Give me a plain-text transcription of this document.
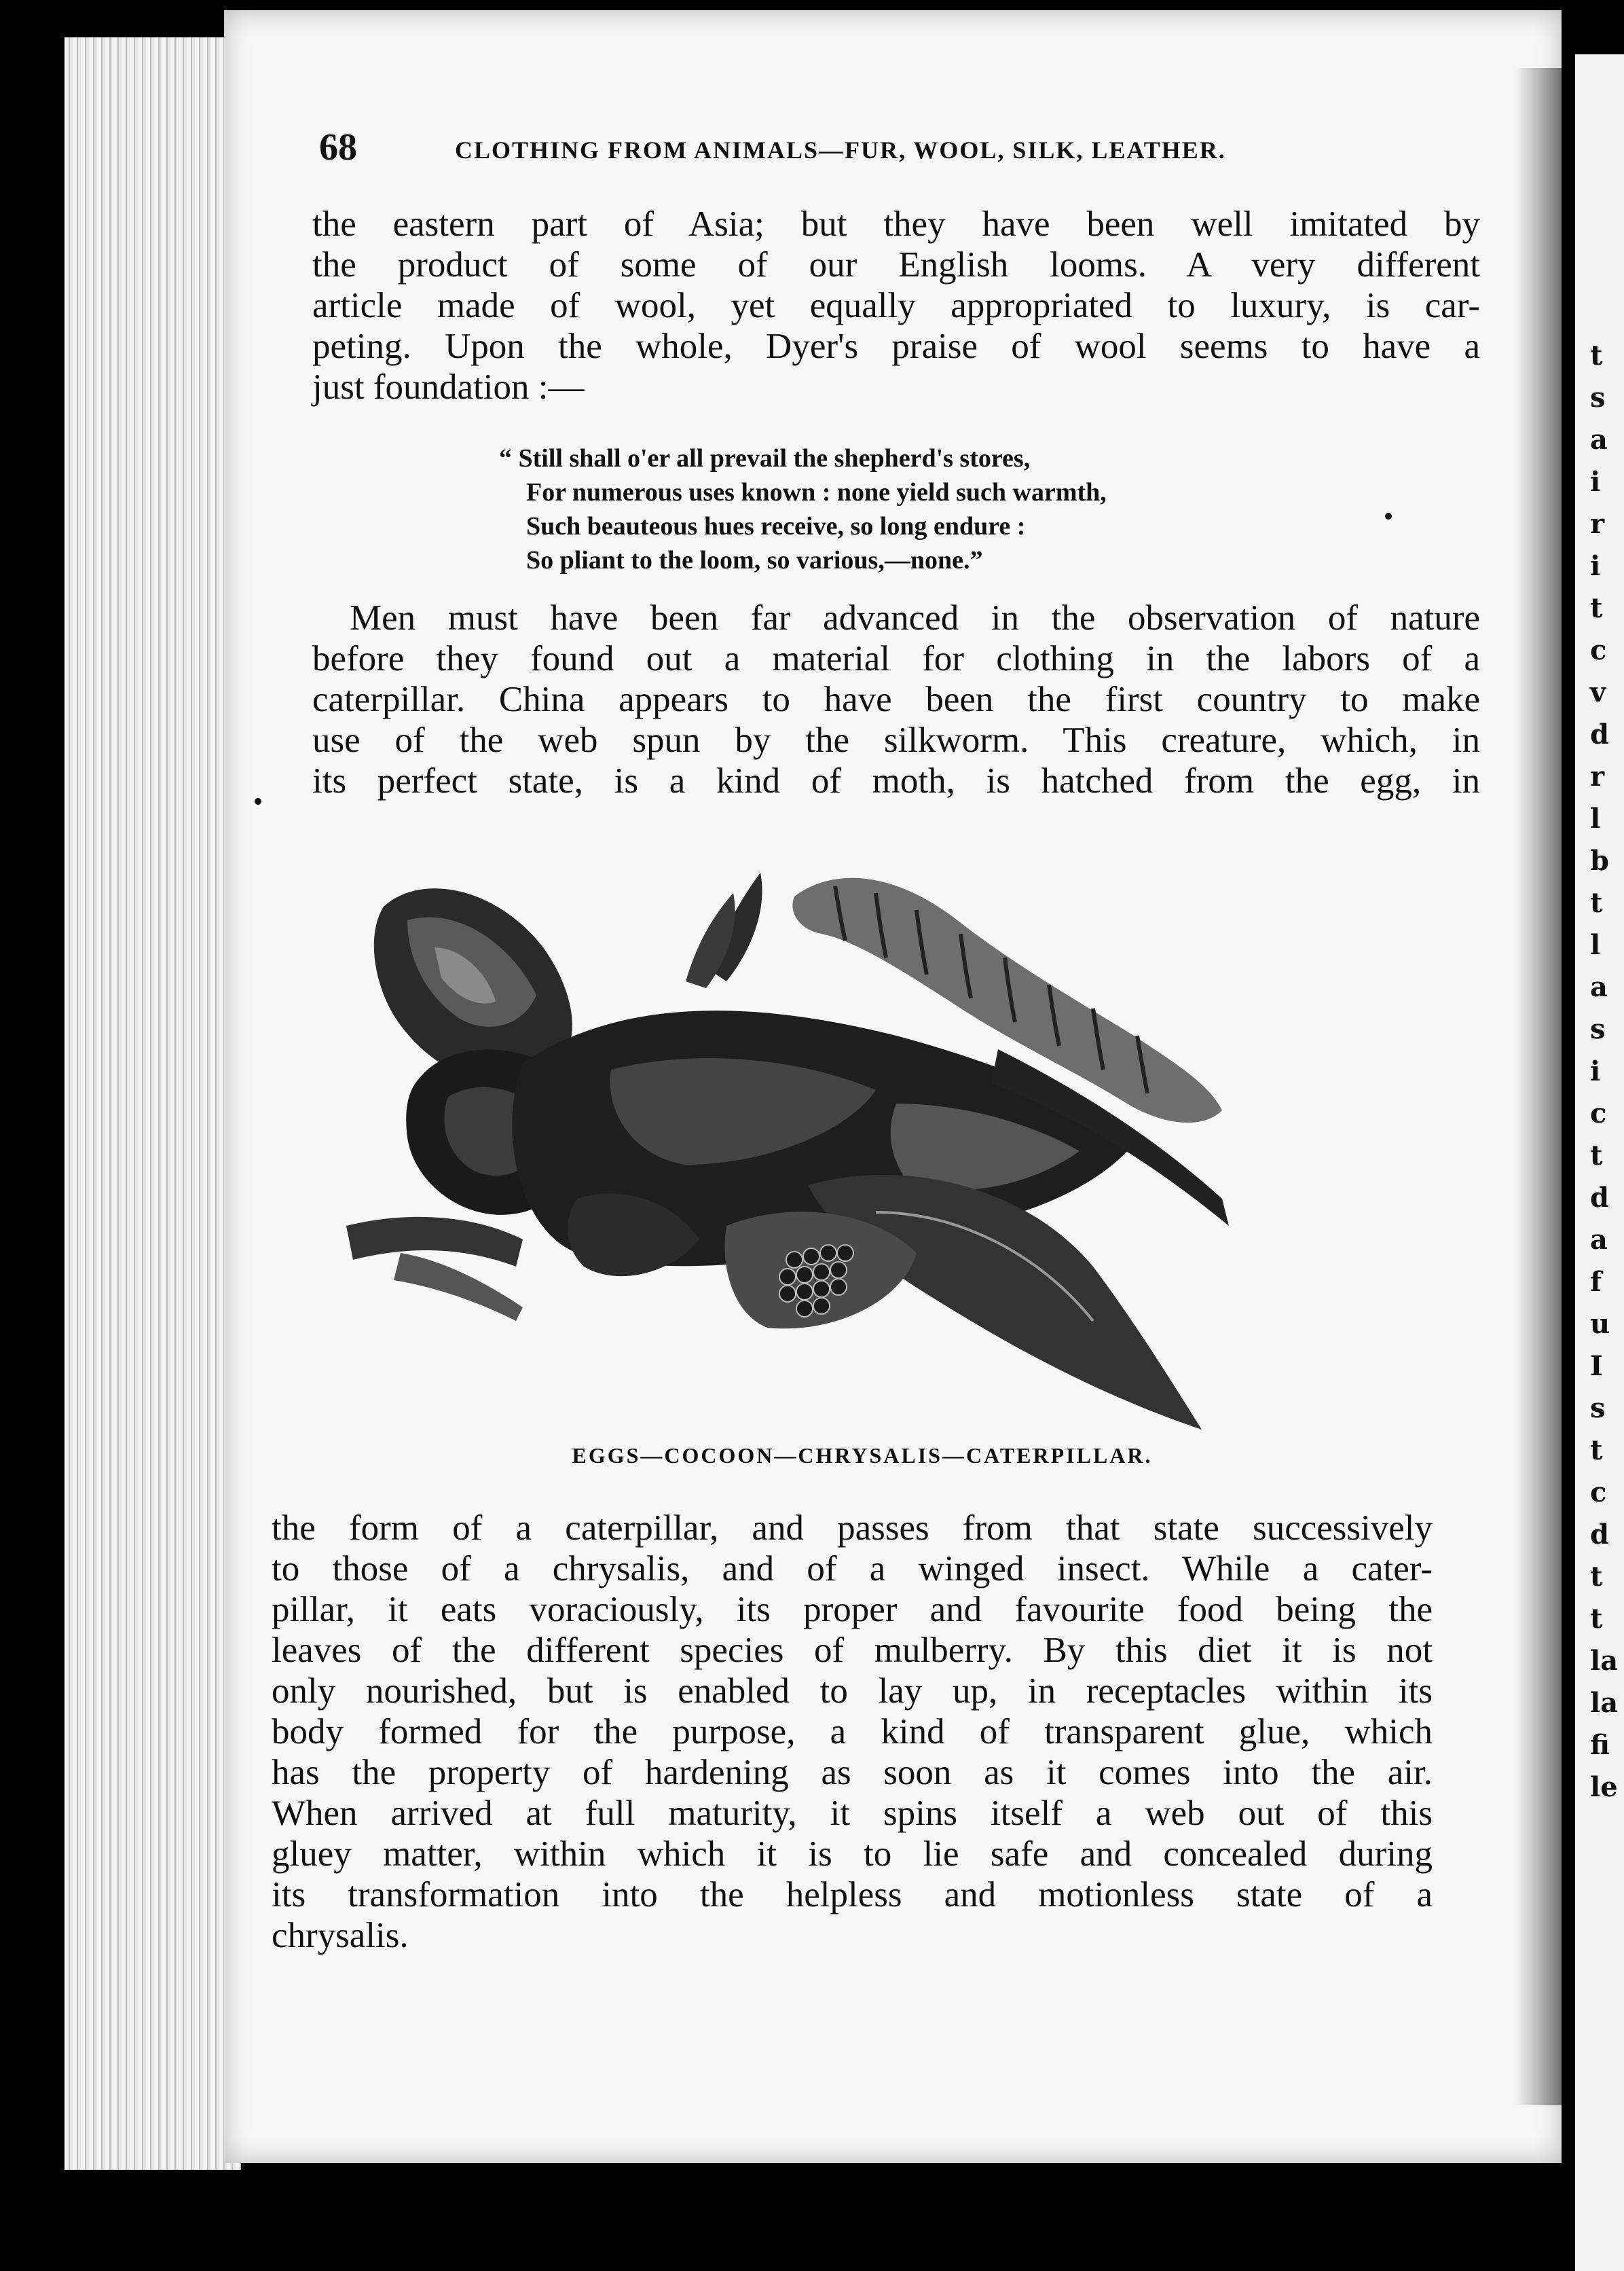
t
s
a
i
r
i
t
c
v
d
r
l
b
t
l
a
s
i
c
t
d
a
f
u
I
s
t
c
d
t
t
la
la
fi
le
68	CLOTHING FROM ANIMALS—FUR, WOOL, SILK, LEATHER.
the eastern part of Asia; but they have been well imitated by
the product of some of our English looms. A very different
article made of wool, yet equally appropriated to luxury, is car-
peting. Upon the whole, Dyer's praise of wool seems to have a
just foundation :—
“ Still shall o'er all prevail the shepherd's stores,
For numerous uses known : none yield such warmth,
Such beauteous hues receive, so long endure :
So pliant to the loom, so various,—none.”
Men must have been far advanced in the observation of nature
before they found out a material for clothing in the labors of a
caterpillar. China appears to have been the first country to make
use of the web spun by the silkworm. This creature, which, in
its perfect state, is a kind of moth, is hatched from the egg, in
EGGS—COCOON—CHRYSALIS—CATERPILLAR.
the form of a caterpillar, and passes from that state successively
to those of a chrysalis, and of a winged insect. While a cater-
pillar, it eats voraciously, its proper and favourite food being the
leaves of the different species of mulberry. By this diet it is not
only nourished, but is enabled to lay up, in receptacles within its
body formed for the purpose, a kind of transparent glue, which
has the property of hardening as soon as it comes into the air.
When arrived at full maturity, it spins itself a web out of this
gluey matter, within which it is to lie safe and concealed during
its transformation into the helpless and motionless state of a
chrysalis.
